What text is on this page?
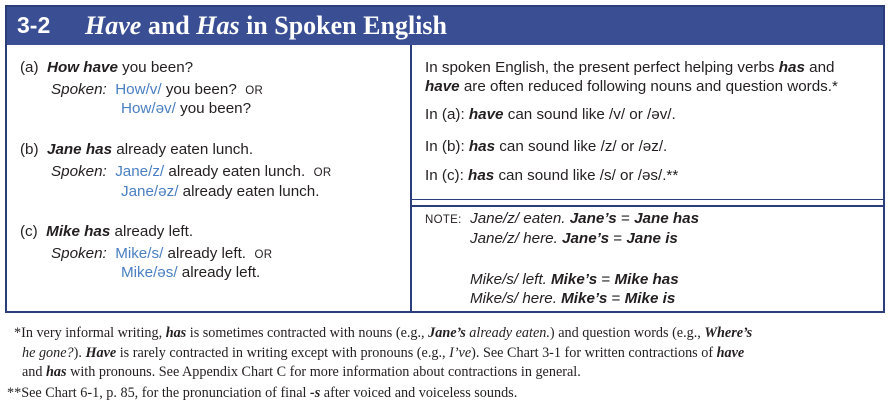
3-2 Have and Has in Spoken English
(a) How have you been?
Spoken: How/v/ you been? OR
How/əv/ you been?
(b) Jane has already eaten lunch.
Spoken: Jane/z/ already eaten lunch. OR
Jane/əz/ already eaten lunch.
(c) Mike has already left.
Spoken: Mike/s/ already left. OR
Mike/əs/ already left.
In spoken English, the present perfect helping verbs has and
have are often reduced following nouns and question words.*
In (a): have can sound like /v/ or /əv/.
In (b): has can sound like /z/ or /əz/.
In (c): has can sound like /s/ or /əs/.**
NOTE: Jane/z/ eaten. Jane’s = Jane has
Jane/z/ here. Jane’s = Jane is
Mike/s/ left. Mike’s = Mike has
Mike/s/ here. Mike’s = Mike is
*In very informal writing, has is sometimes contracted with nouns (e.g., Jane’s already eaten.) and question words (e.g., Where’s
he gone?). Have is rarely contracted in writing except with pronouns (e.g., I’ve). See Chart 3-1 for written contractions of have
and has with pronouns. See Appendix Chart C for more information about contractions in general.
**See Chart 6-1, p. 85, for the pronunciation of final -s after voiced and voiceless sounds.
